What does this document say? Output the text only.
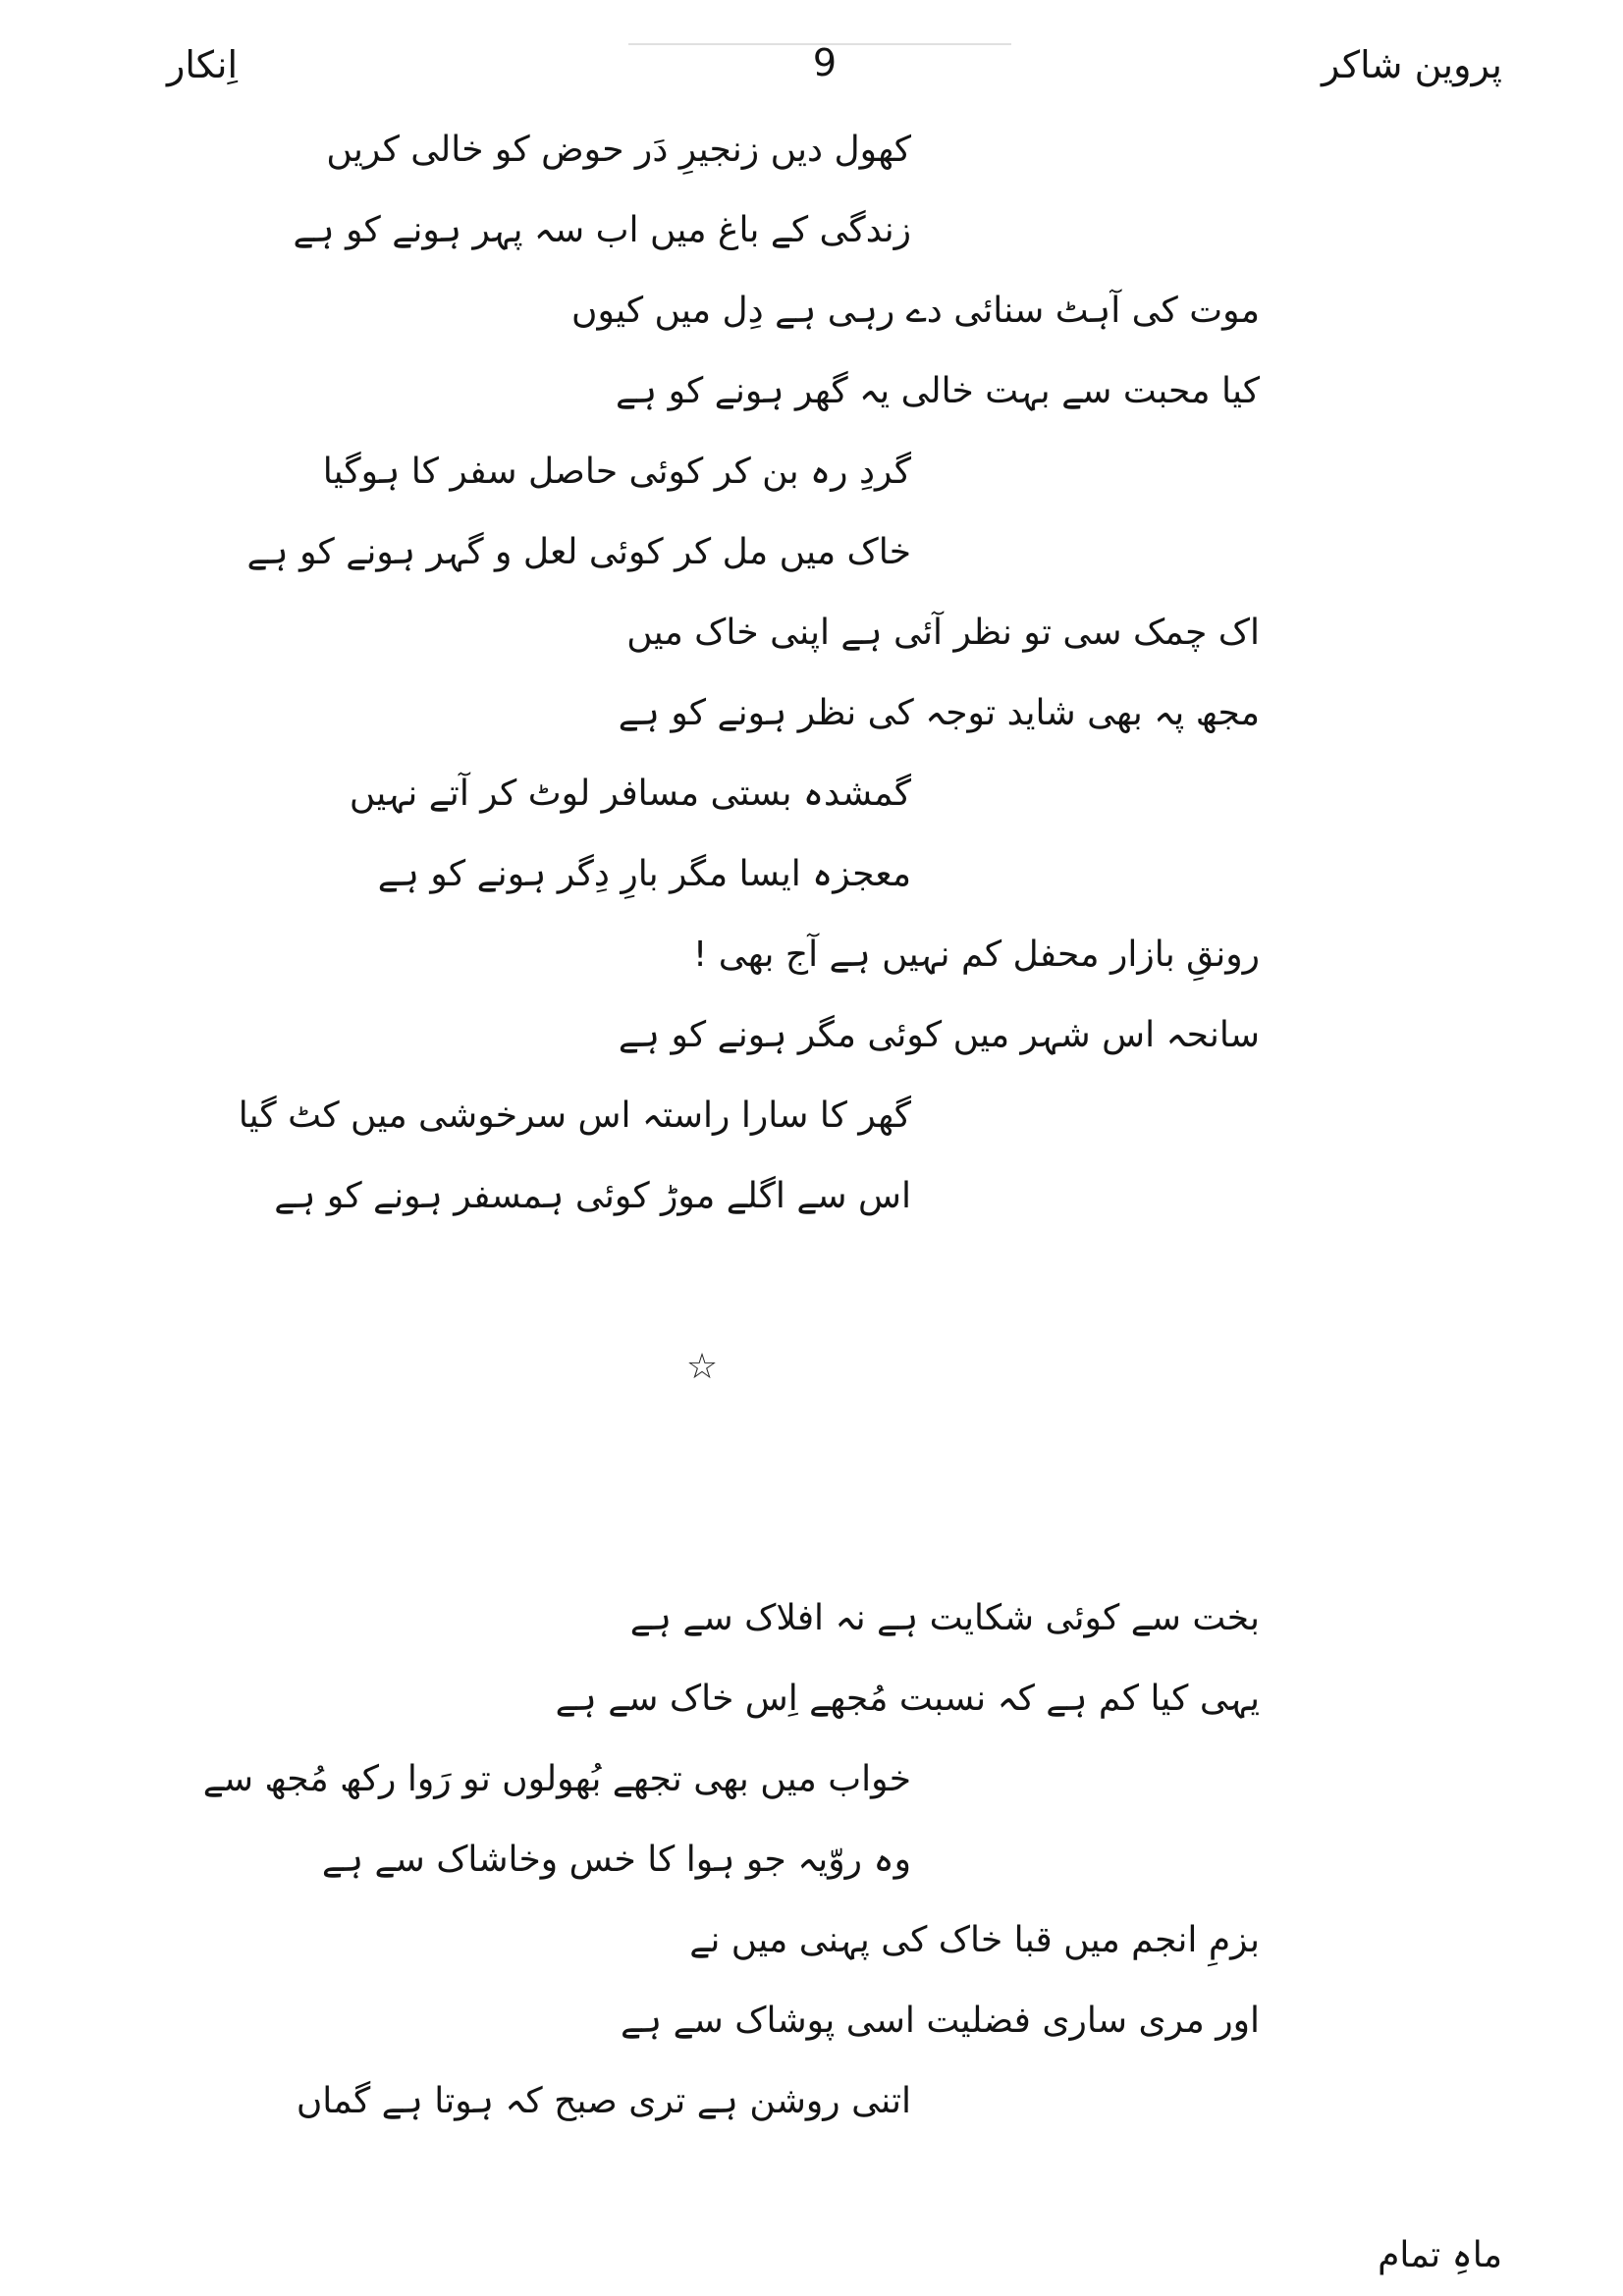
پروین شاکر
9
اِنکار
کھول دیں زنجیرِ دَر حوض کو خالی کریں
زندگی کے باغ میں اب سہ پہر ہونے کو ہے
موت کی آہٹ سنائی دے رہی ہے دِل میں کیوں
کیا محبت سے بہت خالی یہ گھر ہونے کو ہے
گردِ رہ بن کر کوئی حاصل سفر کا ہوگیا
خاک میں مل کر کوئی لعل و گہر ہونے کو ہے
اک چمک سی تو نظر آئی ہے اپنی خاک میں
مجھ پہ بھی شاید توجہ کی نظر ہونے کو ہے
گمشدہ بستی مسافر لوٹ کر آتے نہیں
معجزہ ایسا مگر بارِ دِگر ہونے کو ہے
رونقِ بازار محفل کم نہیں ہے آج بھی !
سانحہ اس شہر میں کوئی مگر ہونے کو ہے
گھر کا سارا راستہ اس سرخوشی میں کٹ گیا
اس سے اگلے موڑ کوئی ہمسفر ہونے کو ہے
☆
بخت سے کوئی شکایت ہے نہ افلاک سے ہے
یہی کیا کم ہے کہ نسبت مُجھے اِس خاک سے ہے
خواب میں بھی تجھے بُھولوں تو رَوا رکھ مُجھ سے
وہ روّیہ جو ہوا کا خس وخاشاک سے ہے
بزمِ انجم میں قبا خاک کی پہنی میں نے
اور مری ساری فضلیت اسی پوشاک سے ہے
اتنی روشن ہے تری صبح کہ ہوتا ہے گماں
ماہِ تمام
